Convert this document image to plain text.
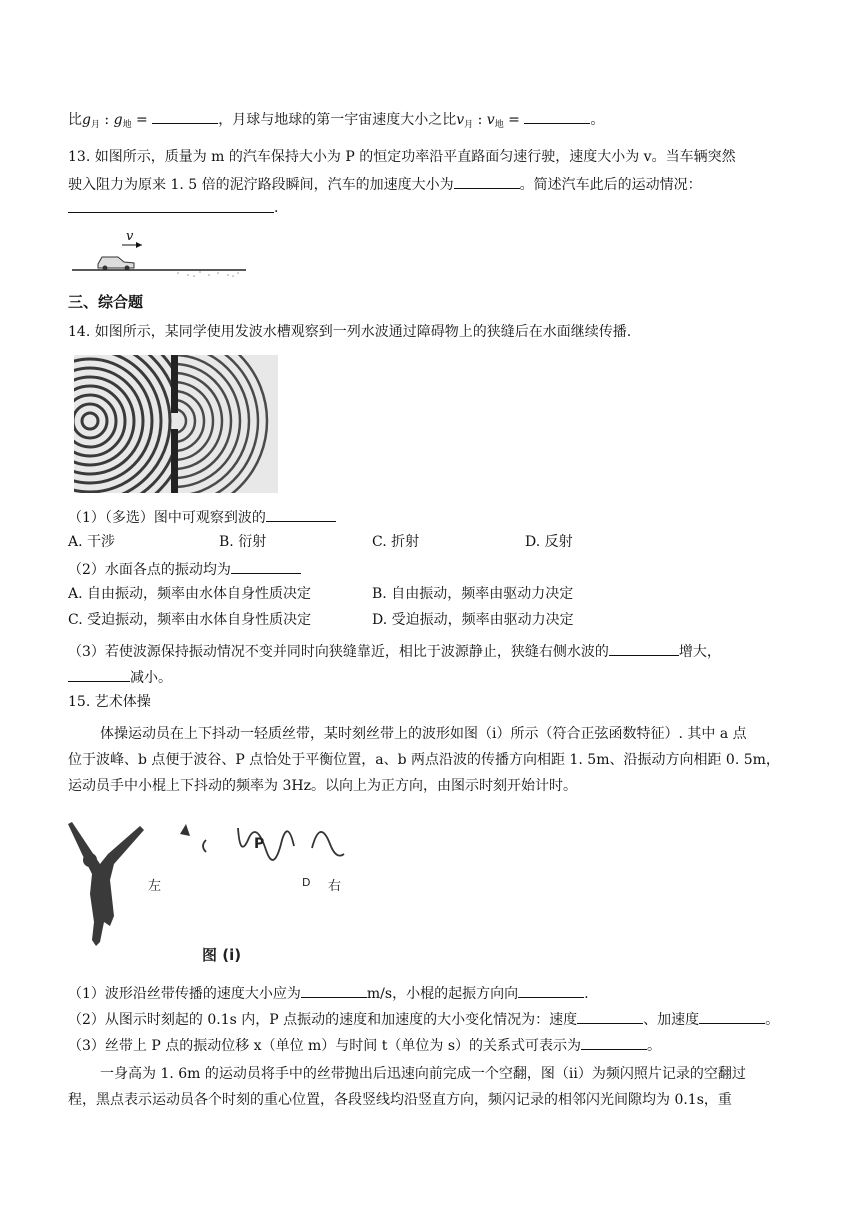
比$g_月$ : $g_地$ =	，月球与地球的第一宇宙速度大小之比$v_月$ : $v_地$ =	。
13. 如图所示，质量为 m 的汽车保持大小为 P 的恒定功率沿平直路面匀速行驶，速度大小为 v。当车辆突然
驶入阻力为原来 1. 5 倍的泥泞路段瞬间，汽车的加速度大小为	。简述汽车此后的运动情况：
.
v
三、综合题
14. 如图所示，某同学使用发波水槽观察到一列水波通过障碍物上的狭缝后在水面继续传播.
（1）（多选）图中可观察到波的
A. 干涉	B. 衍射	C. 折射	D. 反射
（2）水面各点的振动均为
A. 自由振动，频率由水体自身性质决定	B. 自由振动，频率由驱动力决定
C. 受迫振动，频率由水体自身性质决定	D. 受迫振动，频率由驱动力决定
（3）若使波源保持振动情况不变并同时向狭缝靠近，相比于波源静止，狭缝右侧水波的	增大，
减小。
15. 艺术体操
体操运动员在上下抖动一轻质丝带，某时刻丝带上的波形如图（i）所示（符合正弦函数特征）. 其中 a 点
位于波峰、b 点便于波谷、P 点恰处于平衡位置，a、b 两点沿波的传播方向相距 1. 5m、沿振动方向相距 0. 5m，
运动员手中小棍上下抖动的频率为 3Hz。以向上为正方向，由图示时刻开始计时。
P
左	D 右
图 (i)
（1）波形沿丝带传播的速度大小应为	m/s，小棍的起振方向向	.
（2）从图示时刻起的 0.1s 内，P 点振动的速度和加速度的大小变化情况为：速度	、加速度	。
（3）丝带上 P 点的振动位移 x（单位 m）与时间 t（单位为 s）的关系式可表示为	。
一身高为 1. 6m 的运动员将手中的丝带抛出后迅速向前完成一个空翻，图（ii）为频闪照片记录的空翻过
程，黑点表示运动员各个时刻的重心位置，各段竖线均沿竖直方向，频闪记录的相邻闪光间隙均为 0.1s，重
